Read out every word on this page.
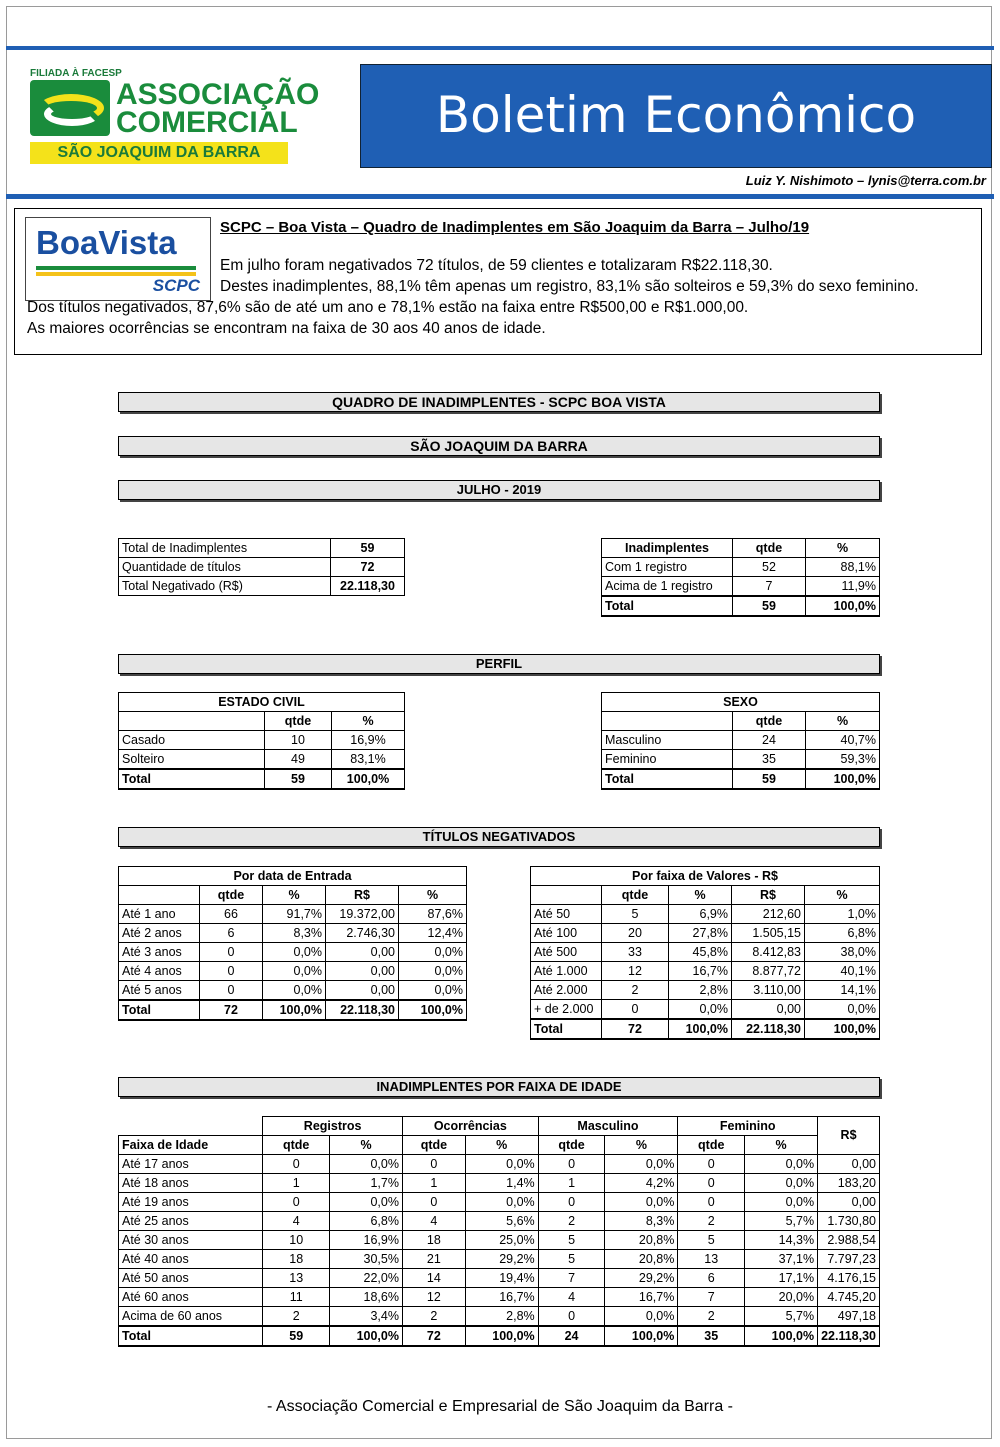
FILIADA À FACESP
ASSOCIAÇÃO
COMERCIAL
SÃO JOAQUIM DA BARRA
Boletim Econômico
Luiz Y. Nishimoto – lynis@terra.com.br
BoaVista
SCPC
SCPC – Boa Vista – Quadro de Inadimplentes em São Joaquim da Barra – Julho/19
Em julho foram negativados 72 títulos, de 59 clientes e totalizaram R$22.118,30.
Destes inadimplentes, 88,1% têm apenas um registro, 83,1% são solteiros e 59,3% do sexo feminino.
Dos títulos negativados, 87,6% são de até um ano e 78,1% estão na faixa entre R$500,00 e R$1.000,00.
As maiores ocorrências se encontram na faixa de 30 aos 40 anos de idade.
QUADRO DE INADIMPLENTES - SCPC BOA VISTA
SÃO JOAQUIM DA BARRA
JULHO - 2019
Total de Inadimplentes	59
Quantidade de títulos	72
Total Negativado (R$)	22.118,30
Inadimplentes	qtde	%
Com 1 registro	52	88,1%
Acima de 1 registro	7	11,9%
Total	59	100,0%
PERFIL
ESTADO CIVIL		
	qtde	%
Casado	10	16,9%
Solteiro	49	83,1%
Total	59	100,0%
SEXO		
	qtde	%
Masculino	24	40,7%
Feminino	35	59,3%
Total	59	100,0%
TÍTULOS NEGATIVADOS
Por data de Entrada				
	qtde	%	R$	%
Até 1 ano	66	91,7%	19.372,00	87,6%
Até 2 anos	6	8,3%	2.746,30	12,4%
Até 3 anos	0	0,0%	0,00	0,0%
Até 4 anos	0	0,0%	0,00	0,0%
Até 5 anos	0	0,0%	0,00	0,0%
Total	72	100,0%	22.118,30	100,0%
Por faixa de Valores - R$				
	qtde	%	R$	%
Até 50	5	6,9%	212,60	1,0%
Até 100	20	27,8%	1.505,15	6,8%
Até 500	33	45,8%	8.412,83	38,0%
Até 1.000	12	16,7%	8.877,72	40,1%
Até 2.000	2	2,8%	3.110,00	14,1%
+ de 2.000	0	0,0%	0,00	0,0%
Total	72	100,0%	22.118,30	100,0%
INADIMPLENTES POR FAIXA DE IDADE
	Registros		Ocorrências		Masculino		Feminino		R$
Faixa de Idade	qtde	%	qtde	%	qtde	%	qtde	%	
Até 17 anos	0	0,0%	0	0,0%	0	0,0%	0	0,0%	0,00
Até 18 anos	1	1,7%	1	1,4%	1	4,2%	0	0,0%	183,20
Até 19 anos	0	0,0%	0	0,0%	0	0,0%	0	0,0%	0,00
Até 25 anos	4	6,8%	4	5,6%	2	8,3%	2	5,7%	1.730,80
Até 30 anos	10	16,9%	18	25,0%	5	20,8%	5	14,3%	2.988,54
Até 40 anos	18	30,5%	21	29,2%	5	20,8%	13	37,1%	7.797,23
Até 50 anos	13	22,0%	14	19,4%	7	29,2%	6	17,1%	4.176,15
Até 60 anos	11	18,6%	12	16,7%	4	16,7%	7	20,0%	4.745,20
Acima de 60 anos	2	3,4%	2	2,8%	0	0,0%	2	5,7%	497,18
Total	59	100,0%	72	100,0%	24	100,0%	35	100,0%	22.118,30
- Associação Comercial e Empresarial de São Joaquim da Barra -
